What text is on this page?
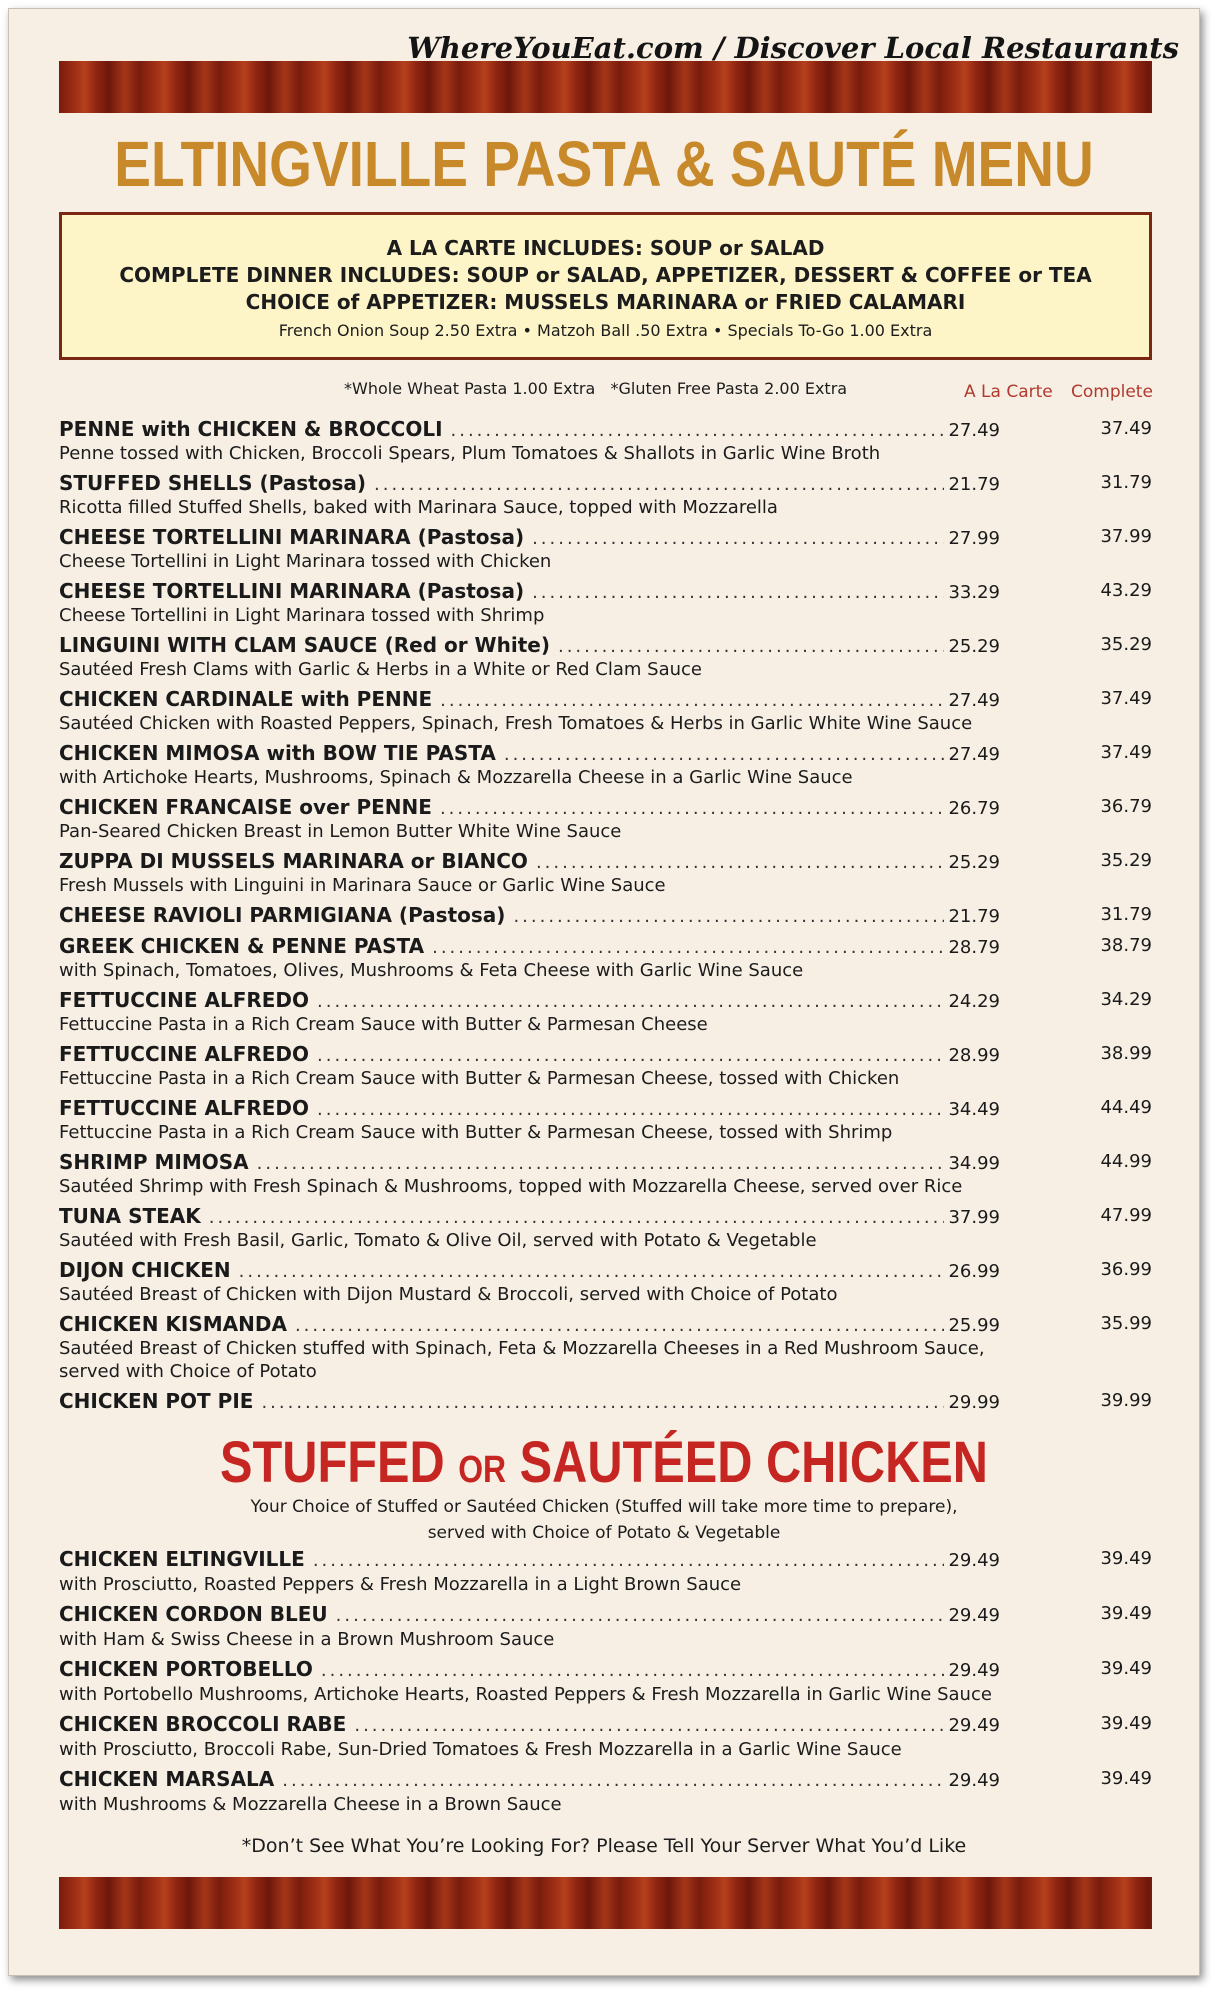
WhereYouEat.com / Discover Local Restaurants
ELTINGVILLE PASTA & SAUTÉ MENU
A LA CARTE INCLUDES: SOUP or SALAD
COMPLETE DINNER INCLUDES: SOUP or SALAD, APPETIZER, DESSERT & COFFEE or TEA
CHOICE of APPETIZER: MUSSELS MARINARA or FRIED CALAMARI
French Onion Soup 2.50 Extra • Matzoh Ball .50 Extra • Specials To-Go 1.00 Extra
*Whole Wheat Pasta 1.00 Extra   *Gluten Free Pasta 2.00 Extra	A La Carte Complete
PENNE with CHICKEN & BROCCOLI .....	27.49	37.49
Penne tossed with Chicken, Broccoli Spears, Plum Tomatoes & Shallots in Garlic Wine Broth
STUFFED SHELLS (Pastosa) .....	21.79	31.79
Ricotta filled Stuffed Shells, baked with Marinara Sauce, topped with Mozzarella
CHEESE TORTELLINI MARINARA (Pastosa) .....	27.99	37.99
Cheese Tortellini in Light Marinara tossed with Chicken
CHEESE TORTELLINI MARINARA (Pastosa) .....	33.29	43.29
Cheese Tortellini in Light Marinara tossed with Shrimp
LINGUINI WITH CLAM SAUCE (Red or White) .....	25.29	35.29
Sautéed Fresh Clams with Garlic & Herbs in a White or Red Clam Sauce
CHICKEN CARDINALE with PENNE .....	27.49	37.49
Sautéed Chicken with Roasted Peppers, Spinach, Fresh Tomatoes & Herbs in Garlic White Wine Sauce
CHICKEN MIMOSA with BOW TIE PASTA .....	27.49	37.49
with Artichoke Hearts, Mushrooms, Spinach & Mozzarella Cheese in a Garlic Wine Sauce
CHICKEN FRANCAISE over PENNE .....	26.79	36.79
Pan-Seared Chicken Breast in Lemon Butter White Wine Sauce
ZUPPA DI MUSSELS MARINARA or BIANCO .....	25.29	35.29
Fresh Mussels with Linguini in Marinara Sauce or Garlic Wine Sauce
CHEESE RAVIOLI PARMIGIANA (Pastosa) .....	21.79	31.79
GREEK CHICKEN & PENNE PASTA .....	28.79	38.79
with Spinach, Tomatoes, Olives, Mushrooms & Feta Cheese with Garlic Wine Sauce
FETTUCCINE ALFREDO .....	24.29	34.29
Fettuccine Pasta in a Rich Cream Sauce with Butter & Parmesan Cheese
FETTUCCINE ALFREDO .....	28.99	38.99
Fettuccine Pasta in a Rich Cream Sauce with Butter & Parmesan Cheese, tossed with Chicken
FETTUCCINE ALFREDO .....	34.49	44.49
Fettuccine Pasta in a Rich Cream Sauce with Butter & Parmesan Cheese, tossed with Shrimp
SHRIMP MIMOSA .....	34.99	44.99
Sautéed Shrimp with Fresh Spinach & Mushrooms, topped with Mozzarella Cheese, served over Rice
TUNA STEAK .....	37.99	47.99
Sautéed with Fresh Basil, Garlic, Tomato & Olive Oil, served with Potato & Vegetable
DIJON CHICKEN .....	26.99	36.99
Sautéed Breast of Chicken with Dijon Mustard & Broccoli, served with Choice of Potato
CHICKEN KISMANDA .....	25.99	35.99
Sautéed Breast of Chicken stuffed with Spinach, Feta & Mozzarella Cheeses in a Red Mushroom Sauce, served with Choice of Potato
CHICKEN POT PIE .....	29.99	39.99
STUFFED OR SAUTÉED CHICKEN
Your Choice of Stuffed or Sautéed Chicken (Stuffed will take more time to prepare),
served with Choice of Potato & Vegetable
CHICKEN ELTINGVILLE .....	29.49	39.49
with Prosciutto, Roasted Peppers & Fresh Mozzarella in a Light Brown Sauce
CHICKEN CORDON BLEU .....	29.49	39.49
with Ham & Swiss Cheese in a Brown Mushroom Sauce
CHICKEN PORTOBELLO .....	29.49	39.49
with Portobello Mushrooms, Artichoke Hearts, Roasted Peppers & Fresh Mozzarella in Garlic Wine Sauce
CHICKEN BROCCOLI RABE .....	29.49	39.49
with Prosciutto, Broccoli Rabe, Sun-Dried Tomatoes & Fresh Mozzarella in a Garlic Wine Sauce
CHICKEN MARSALA .....	29.49	39.49
with Mushrooms & Mozzarella Cheese in a Brown Sauce
*Don’t See What You’re Looking For? Please Tell Your Server What You’d Like
